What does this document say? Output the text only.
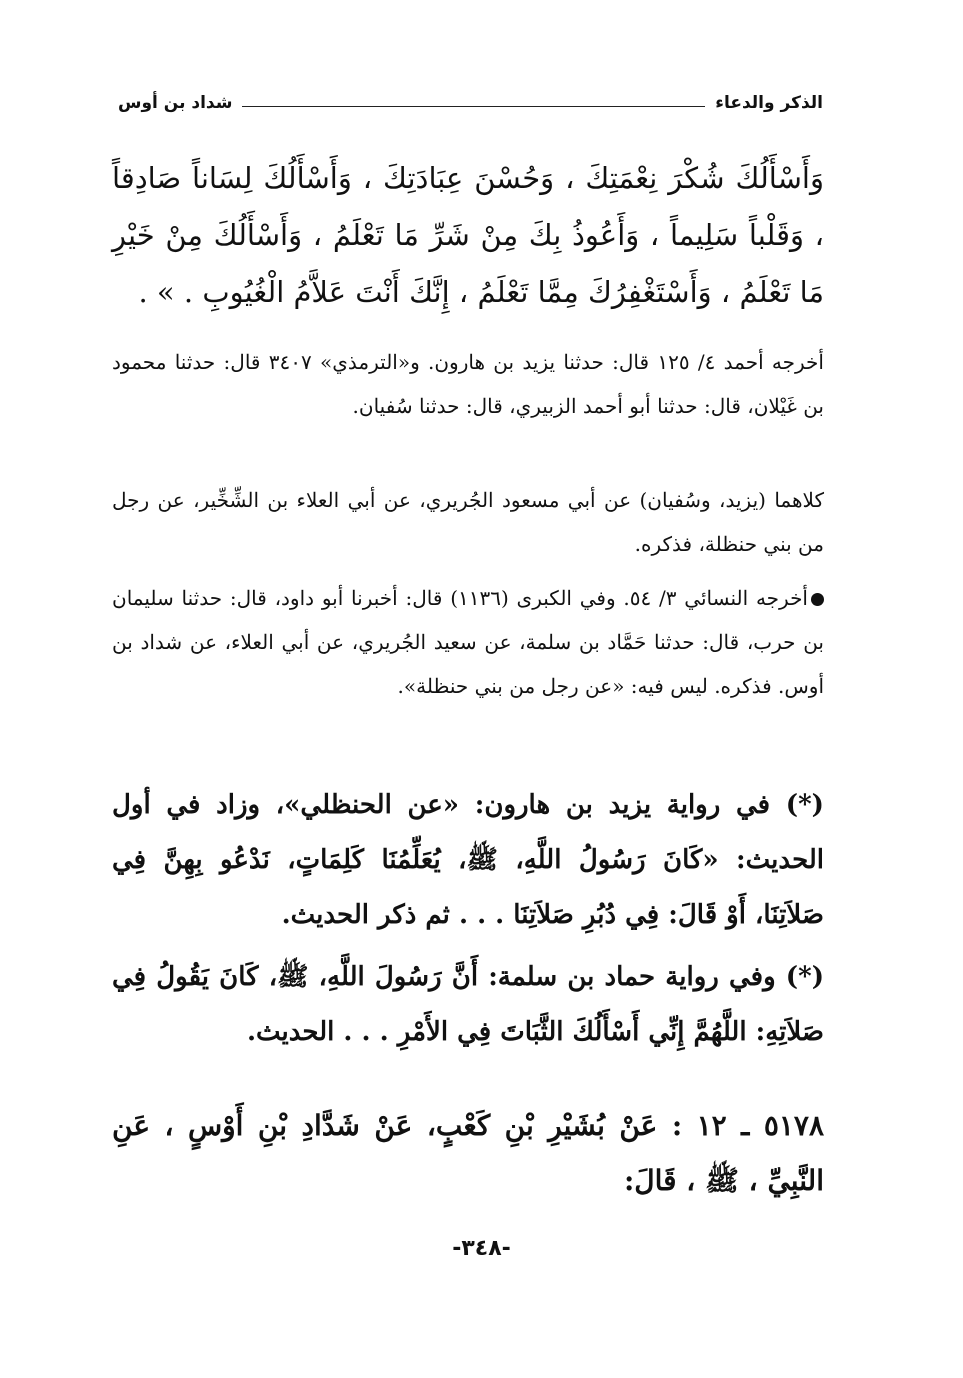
الذكر والدعاء
شداد بن أوس
وَأَسْأَلُكَ شُكْرَ نِعْمَتِكَ ، وَحُسْنَ عِبَادَتِكَ ، وَأَسْأَلُكَ لِسَاناً صَادِقاً ، وَقَلْباً سَلِيماً ، وَأَعُوذُ بِكَ مِنْ شَرِّ مَا تَعْلَمُ ، وَأَسْأَلُكَ مِنْ خَيْرِ مَا تَعْلَمُ ، وَأَسْتَغْفِرُكَ مِمَّا تَعْلَمُ ، إِنَّكَ أَنْتَ عَلاَّمُ الْغُيُوبِ . » .
أخرجه أحمد ٤/ ١٢٥ قال: حدثنا يزيد بن هارون. و«الترمذي» ٣٤٠٧ قال: حدثنا محمود بن غَيْلان، قال: حدثنا أبو أحمد الزبيري، قال: حدثنا سُفيان.
كلاهما (يزيد، وسُفيان) عن أبي مسعود الجُريري، عن أبي العلاء بن الشِّخِّير، عن رجل من بني حنظلة، فذكره.
أخرجه النسائي ٣/ ٥٤. وفي الكبرى (١١٣٦) قال: أخبرنا أبو داود، قال: حدثنا سليمان بن حرب، قال: حدثنا حَمَّاد بن سلمة، عن سعيد الجُريري، عن أبي العلاء، عن شداد بن أوس. فذكره. ليس فيه: «عن رجل من بني حنظلة».
(*) في رواية يزيد بن هارون: «عن الحنظلي»، وزاد في أول الحديث: «كَانَ رَسُولُ اللَّهِ، ﷺ، يُعَلِّمُنَا كَلِمَاتٍ، نَدْعُو بِهِنَّ فِي صَلاَتِنَا، أَوْ قَالَ: فِي دُبُرِ صَلاَتِنَا . . . ثم ذكر الحديث.
(*) وفي رواية حماد بن سلمة: أَنَّ رَسُولَ اللَّهِ، ﷺ، كَانَ يَقُولُ فِي صَلاَتِهِ: اللَّهُمَّ إِنِّي أَسْأَلُكَ الثَّبَاتَ فِي الأَمْرِ . . . الحديث.
٥١٧٨ ـ ١٢ : عَنْ بُشَيْرِ بْنِ كَعْبٍ، عَنْ شَدَّادِ بْنِ أَوْسٍ ، عَنِ النَّبِيِّ ، ﷺ ، قَالَ:
-٣٤٨-
